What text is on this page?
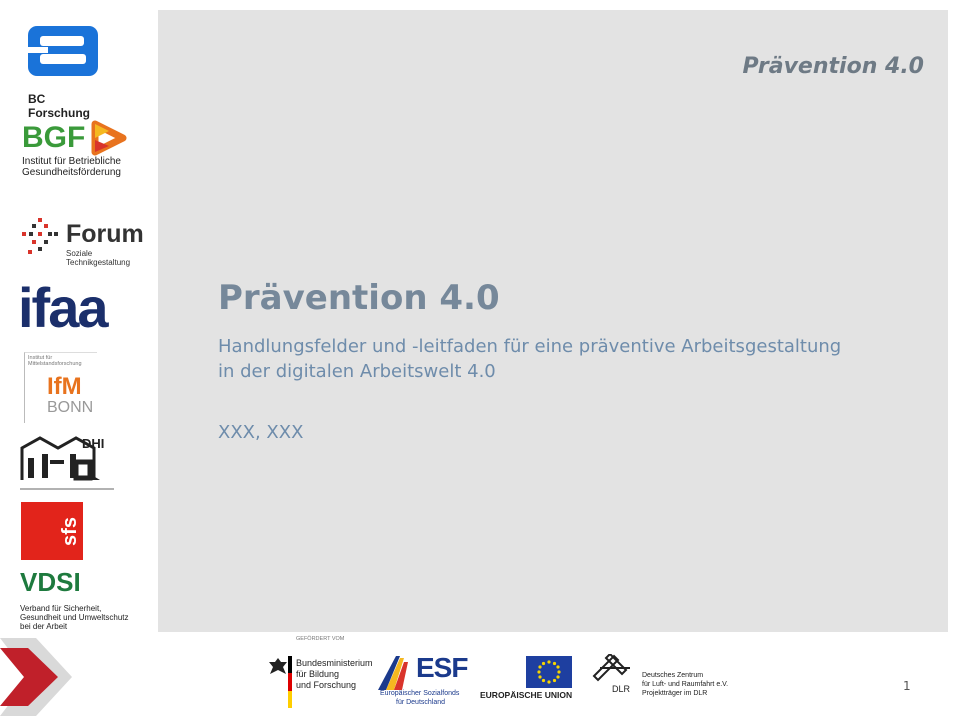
BC Forschung
BGF
Institut für Betriebliche
Gesundheitsförderung
Forum
Soziale Technikgestaltung
ifaa
Institut für
Mittelstandsforschung
IfM
BONN
DHI
sfs
VDSI
Verband für Sicherheit,
Gesundheit und Umweltschutz
bei der Arbeit
Prävention 4.0
Prävention 4.0
Handlungsfelder und -leitfaden für eine präventive Arbeitsgestaltung
in der digitalen Arbeitswelt 4.0
XXX, XXX
GEFÖRDERT VOM
Bundesministerium
für Bildung
und Forschung
ESF
Europäischer Sozialfonds
für Deutschland
EUROPÄISCHE UNION
DLR
Deutsches Zentrum
für Luft- und Raumfahrt e.V.
Projektträger im DLR
1
